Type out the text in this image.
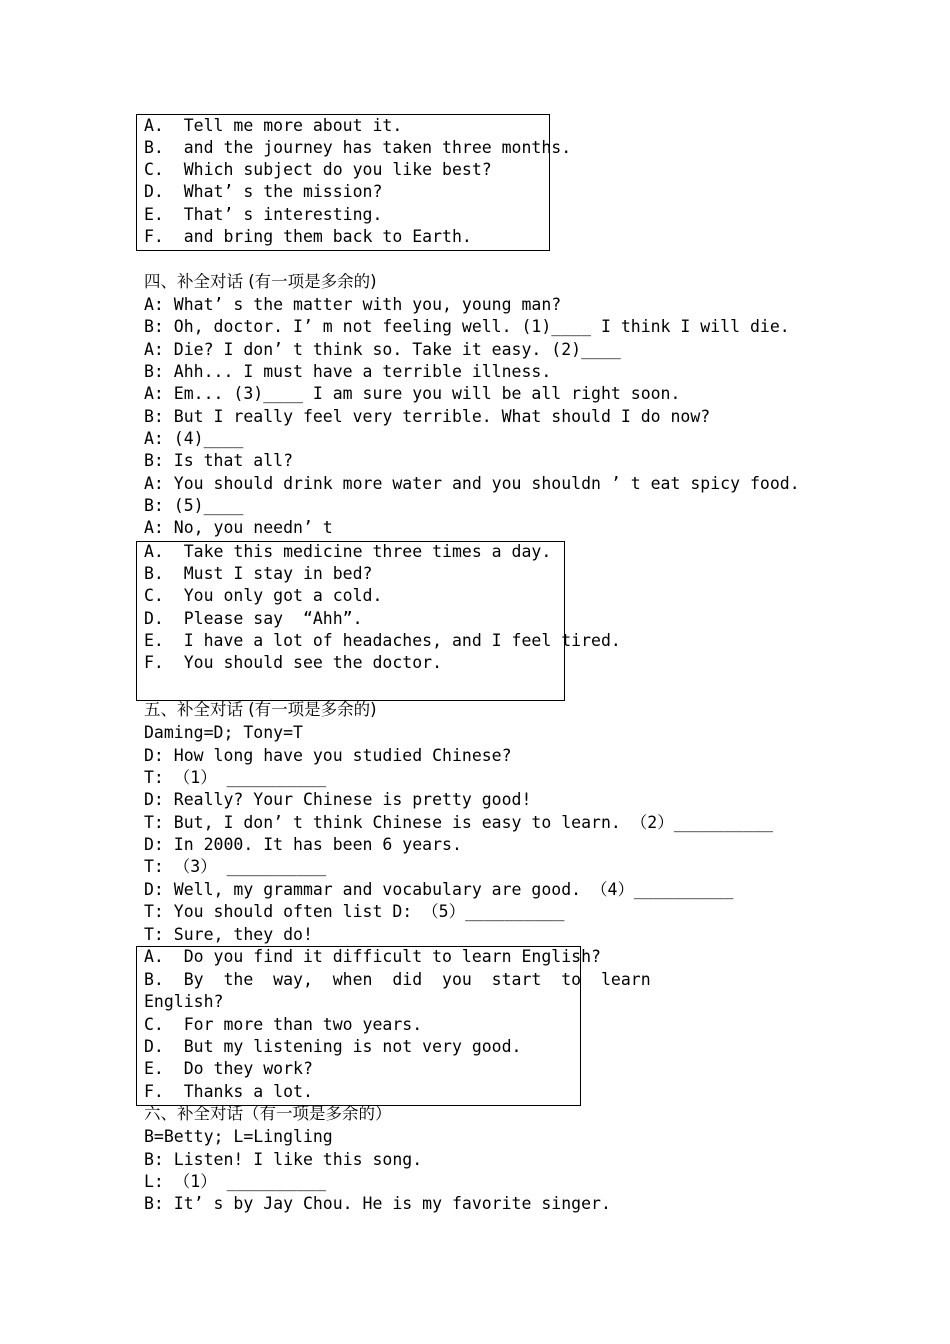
A.  Tell me more about it.
B.  and the journey has taken three months.
C.  Which subject do you like best?
D.  What’ s the mission?
E.  That’ s interesting.
F.  and bring them back to Earth.
四、补全对话 (有一项是多余的)
A: What’ s the matter with you, young man?
B: Oh, doctor. I’ m not feeling well. (1)____ I think I will die.
A: Die? I don’ t think so. Take it easy. (2)____
B: Ahh... I must have a terrible illness.
A: Em... (3)____ I am sure you will be all right soon.
B: But I really feel very terrible. What should I do now?
A: (4)____
B: Is that all?
A: You should drink more water and you shouldn ’ t eat spicy food.
B: (5)____
A: No, you needn’ t
A.  Take this medicine three times a day.
B.  Must I stay in bed?
C.  You only got a cold.
D.  Please say  “Ahh”.
E.  I have a lot of headaches, and I feel tired.
F.  You should see the doctor.
五、补全对话 (有一项是多余的)
Daming=D; Tony=T
D: How long have you studied Chinese?
T: （1） __________
D: Really? Your Chinese is pretty good!
T: But, I don’ t think Chinese is easy to learn. （2）__________
D: In 2000. It has been 6 years.
T: （3） __________
D: Well, my grammar and vocabulary are good. （4）__________
T: You should often list D: （5）__________
T: Sure, they do!
A.  Do you find it difficult to learn English?
B.  By  the  way,  when  did  you  start  to  learn
English?
C.  For more than two years.
D.  But my listening is not very good.
E.  Do they work?
F.  Thanks a lot.
六、补全对话（有一项是多余的）
B=Betty; L=Lingling
B: Listen! I like this song.
L: （1） __________
B: It’ s by Jay Chou. He is my favorite singer.
